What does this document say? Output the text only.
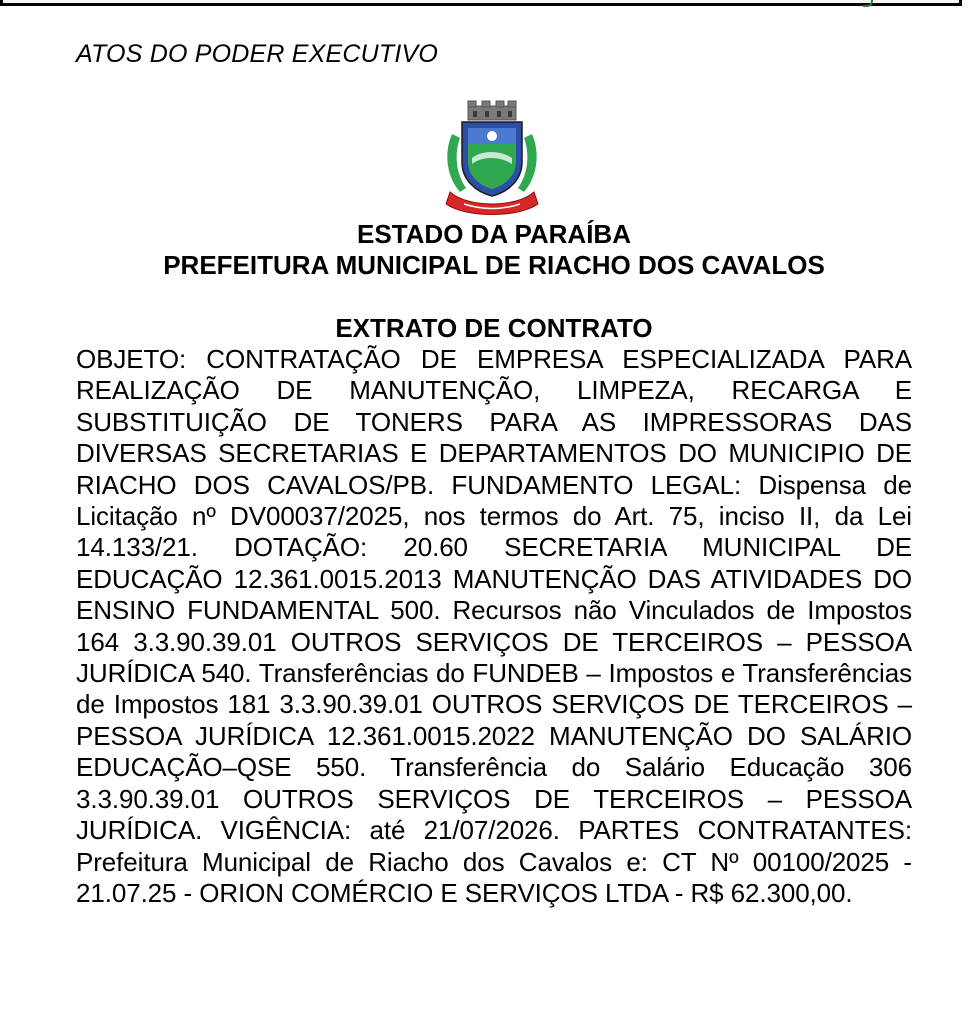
ATOS DO PODER EXECUTIVO
ESTADO DA PARAÍBA
PREFEITURA MUNICIPAL DE RIACHO DOS CAVALOS
EXTRATO DE CONTRATO

OBJETO: CONTRATAÇÃO DE EMPRESA ESPECIALIZADA PARA REALIZAÇÃO DE MANUTENÇÃO, LIMPEZA, RECARGA E SUBSTITUIÇÃO DE TONERS PARA AS IMPRESSORAS DAS DIVERSAS SECRETARIAS E DEPARTAMENTOS DO MUNICIPIO DE RIACHO DOS CAVALOS/PB. FUNDAMENTO LEGAL: Dispensa de Licitação nº DV00037/2025, nos termos do Art. 75, inciso II, da Lei 14.133/21. DOTAÇÃO: 20.60 SECRETARIA MUNICIPAL DE EDUCAÇÃO 12.361.0015.2013 MANUTENÇÃO DAS ATIVIDADES DO ENSINO FUNDAMENTAL 500. Recursos não Vinculados de Impostos 164 3.3.90.39.01 OUTROS SERVIÇOS DE TERCEIROS – PESSOA JURÍDICA 540. Transferências do FUNDEB – Impostos e Transferências de Impostos 181 3.3.90.39.01 OUTROS SERVIÇOS DE TERCEIROS – PESSOA JURÍDICA 12.361.0015.2022 MANUTENÇÃO DO SALÁRIO EDUCAÇÃO–QSE 550. Transferência do Salário Educação 306 3.3.90.39.01 OUTROS SERVIÇOS DE TERCEIROS – PESSOA JURÍDICA. VIGÊNCIA: até 21/07/2026. PARTES CONTRATANTES: Prefeitura Municipal de Riacho dos Cavalos e: CT Nº 00100/2025 - 21.07.25 - ORION COMÉRCIO E SERVIÇOS LTDA - R$ 62.300,00.
